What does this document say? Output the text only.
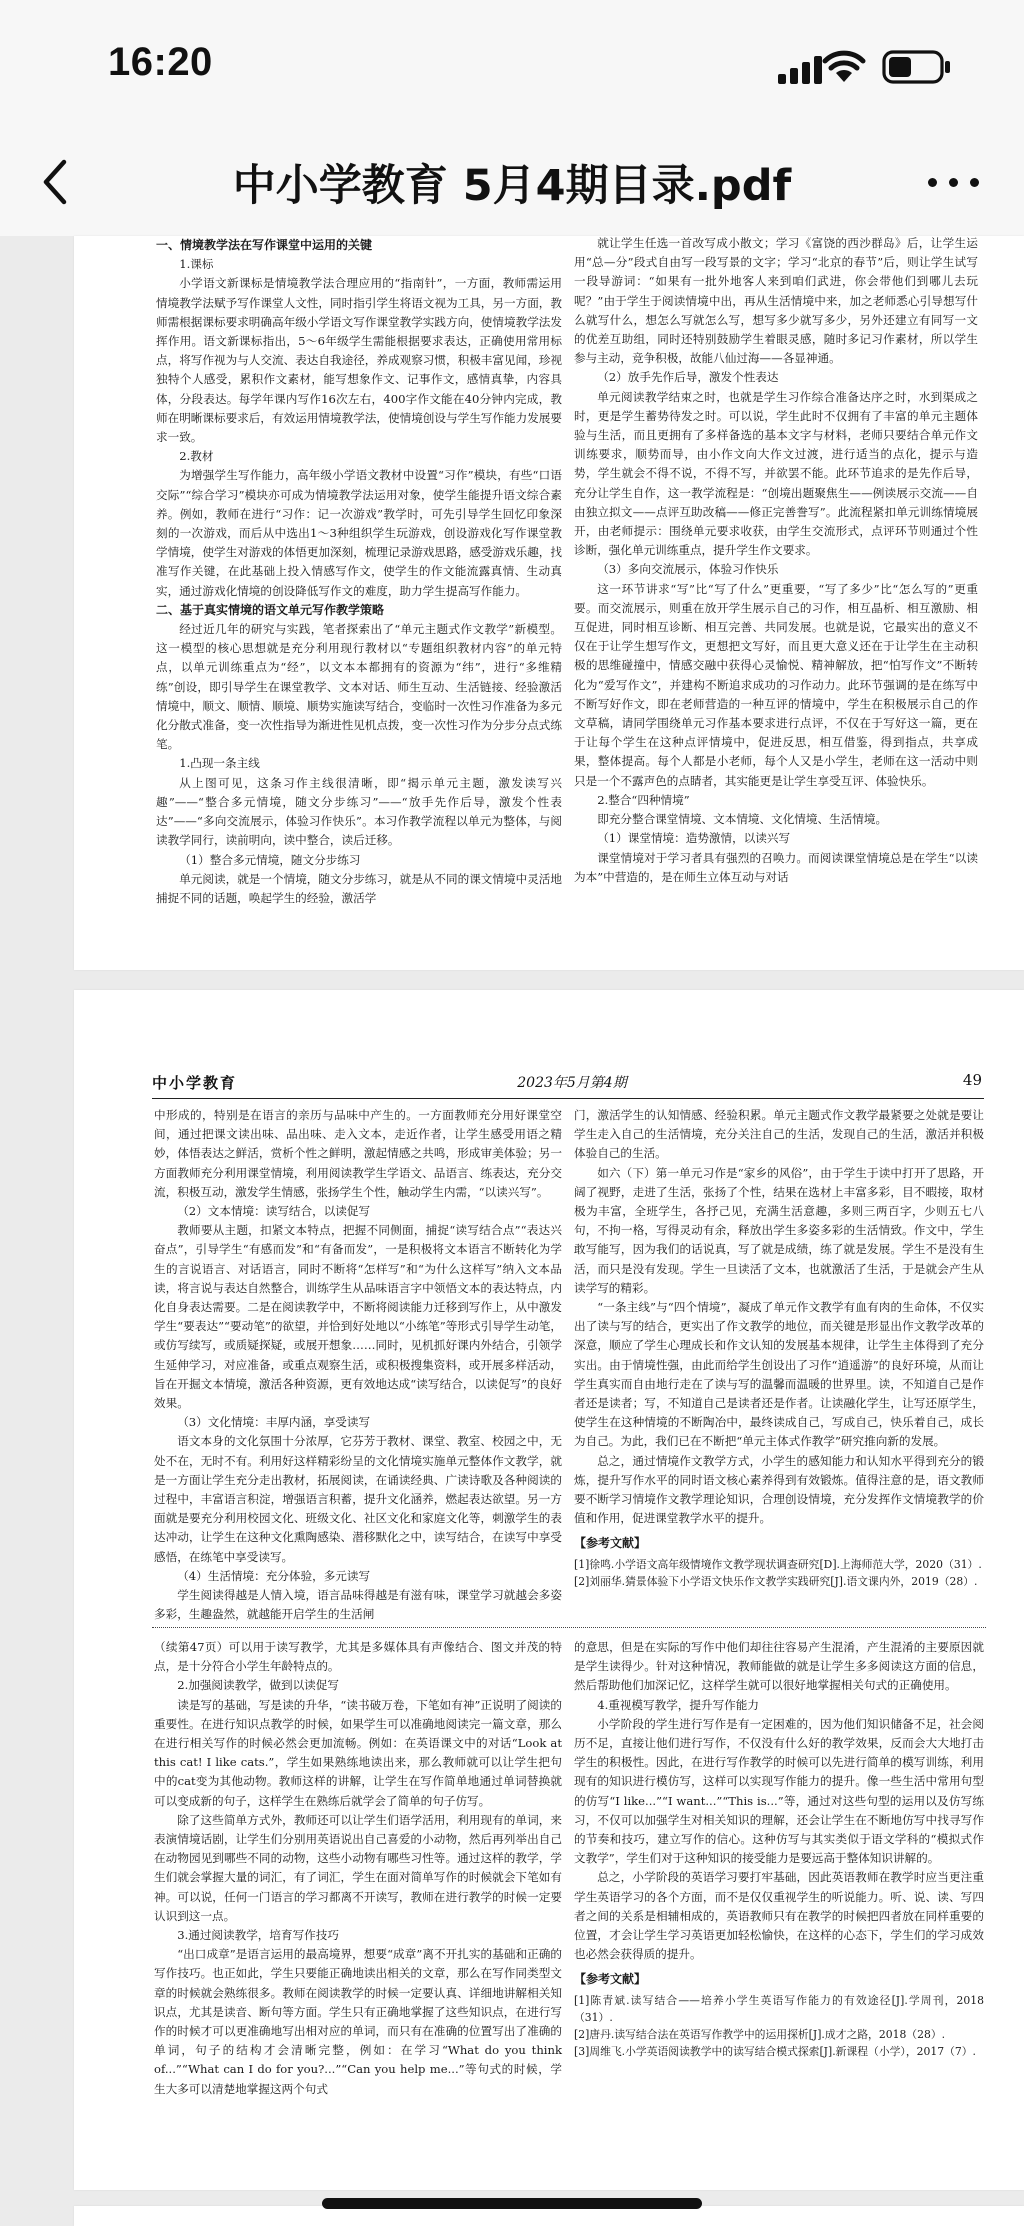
16:20
中小学教育 5月4期目录.pdf
一、情境教学法在写作课堂中运用的关键

1.课标

小学语文新课标是情境教学法合理应用的“指南针”，一方面，教师需运用情境教学法赋予写作课堂人文性，同时指引学生将语文视为工具，另一方面，教师需根据课标要求明确高年级小学语文写作课堂教学实践方向，使情境教学法发挥作用。语文新课标指出，5～6年级学生需能根据要求表达，正确使用常用标点，将写作视为与人交流、表达自我途径，养成观察习惯，积极丰富见闻，珍视独特个人感受，累积作文素材，能写想象作文、记事作文，感情真挚，内容具体，分段表达。每学年课内写作16次左右，400字作文能在40分钟内完成，教师在明晰课标要求后，有效运用情境教学法，使情境创设与学生写作能力发展要求一致。

2.教材

为增强学生写作能力，高年级小学语文教材中设置“习作”模块，有些“口语交际”“综合学习”模块亦可成为情境教学法运用对象，使学生能提升语文综合素养。例如，教师在进行“习作：记一次游戏”教学时，可先引导学生回忆印象深刻的一次游戏，而后从中选出1～3种组织学生玩游戏，创设游戏化写作课堂教学情境，使学生对游戏的体悟更加深刻，梳理记录游戏思路，感受游戏乐趣，找准写作关键，在此基础上投入情感写作文，使学生的作文能流露真情、生动真实，通过游戏化情境的创设降低写作文的难度，助力学生提高写作能力。

二、基于真实情境的语文单元写作教学策略

经过近几年的研究与实践，笔者探索出了“单元主题式作文教学”新模型。这一模型的核心思想就是充分利用现行教材以“专题组织教材内容”的单元特点，以单元训练重点为“经”，以文本本都拥有的资源为“纬”，进行“多维精练”创设，即引导学生在课堂教学、文本对话、师生互动、生活链接、经验激活情境中，顺文、顺情、顺境、顺势实施读写结合，变临时一次性习作准备为多元化分散式准备，变一次性指导为渐进性见机点拨，变一次性习作为分步分点式练笔。

1.凸现一条主线

从上图可见，这条习作主线很清晰，即“揭示单元主题，激发读写兴趣”——“整合多元情境，随文分步练习”——“放手先作后导，激发个性表达”——“多向交流展示，体验习作快乐”。本习作教学流程以单元为整体，与阅读教学同行，读前明向，读中整合，读后迁移。

（1）整合多元情境，随文分步练习

单元阅读，就是一个情境，随文分步练习，就是从不同的课文情境中灵活地捕捉不同的话题，唤起学生的经验，激活学

就让学生任选一首改写成小散文；学习《富饶的西沙群岛》后，让学生运用“总—分”段式自由写一段写景的文字；学习“北京的春节”后，则让学生试写一段导游词：“如果有一批外地客人来到咱们武进，你会带他们到哪儿去玩呢？”由于学生于阅读情境中出，再从生活情境中来，加之老师悉心引导想写什么就写什么，想怎么写就怎么写，想写多少就写多少，另外还建立有同写一文的优差互助组，同时还特别鼓励学生着眼灵感，随时多记习作素材，所以学生参与主动，竞争积极，故能八仙过海——各显神通。

（2）放手先作后导，激发个性表达

单元阅读教学结束之时，也就是学生习作综合准备达序之时，水到渠成之时，更是学生蓄势待发之时。可以说，学生此时不仅拥有了丰富的单元主题体验与生活，而且更拥有了多样备选的基本文字与材料，老师只要结合单元作文训练要求，顺势而导，由小作文向大作文过渡，进行适当的点化，提示与造势，学生就会不得不说，不得不写，并欲罢不能。此环节追求的是先作后导，充分让学生自作，这一教学流程是：“创境出题聚焦生——例读展示交流——自由独立拟文——点评互助改稿——修正完善誊写”。此流程紧扣单元训练情境展开，由老师提示：围绕单元要求收获，由学生交流形式，点评环节则通过个性诊断，强化单元训练重点，提升学生作文要求。

（3）多向交流展示，体验习作快乐

这一环节讲求“写”比“写了什么”更重要，“写了多少”比“怎么写的”更重要。而交流展示，则重在放开学生展示自己的习作，相互晶析、相互激励、相互促进，同时相互诊断、相互完善、共同发展。也就是说，它最实出的意义不仅在于让学生想写作文，更想把文写好，而且更大意义还在于让学生在主动积极的思维碰撞中，情感交融中获得心灵愉悦、精神解放，把“怕写作文”不断转化为“爱写作文”，并建构不断追求成功的习作动力。此环节强调的是在练写中不断写好作文，即在老师营造的一种互评的情境中，学生在积极展示自己的作文草稿，请同学围绕单元习作基本要求进行点评，不仅在于写好这一篇，更在于让每个学生在这种点评情境中，促进反思，相互借鉴，得到指点，共享成果，整体提高。每个人都是小老师，每个人又是小学生，老师在这一活动中则只是一个不露声色的点睛者，其实能更是让学生享受互评、体验快乐。

2.整合“四种情境”

即充分整合课堂情境、文本情境、文化情境、生活情境。

（1）课堂情境：造势激情，以读兴写

课堂情境对于学习者具有强烈的召唤力。而阅读课堂情境总是在学生“以读为本”中营造的，是在师生立体互动与对话

中小学教育	2023年5月第4期	49

中形成的，特别是在语言的亲历与品味中产生的。一方面教师充分用好课堂空间，通过把课文读出味、品出味、走入文本，走近作者，让学生感受用语之精妙，体悟表达之鲜活，赏析个性之鲜明，激起情感之共鸣，形成审美体验；另一方面教师充分利用课堂情境，利用阅读教学生学语文、品语言、练表达，充分交流，积极互动，激发学生情感，张扬学生个性，触动学生内需，“以读兴写”。

（2）文本情境：读写结合，以读促写

教师要从主题，扣紧文本特点，把握不同侧面，捕捉“读写结合点”“表达兴奋点”，引导学生“有感而发”和“有备而发”，一是积极将文本语言不断转化为学生的言说语言、对话语言，同时不断将“怎样写”和“为什么这样写”纳入文本品读，将言说与表达自然整合，训练学生从品味语言字中领悟文本的表达特点，内化自身表达需要。二是在阅读教学中，不断将阅读能力迁移到写作上，从中激发学生“要表达”“要动笔”的欲望，并恰到好处地以“小练笔”等形式引导学生动笔，或仿写续写，或质疑探疑，或展开想象……同时，见机抓好课内外结合，引领学生延伸学习，对应准备，或重点观察生活，或积极搜集资料，或开展多样活动，旨在开掘文本情境，激活各种资源，更有效地达成“读写结合，以读促写”的良好效果。

（3）文化情境：丰厚内涵，享受读写

语文本身的文化氛围十分浓厚，它芬芳于教材、课堂、教室、校园之中，无处不在，无时不有。利用好这样精彩纷呈的文化情境实施单元整体作文教学，就是一方面让学生充分走出教材，拓展阅读，在诵读经典、广读诗歌及各种阅读的过程中，丰富语言积淀，增强语言积蓄，提升文化涵养，燃起表达欲望。另一方面就是要充分利用校园文化、班级文化、社区文化和家庭文化等，刺激学生的表达冲动，让学生在这种文化熏陶感染、潜移默化之中，读写结合，在读写中享受感悟，在练笔中享受读写。

（4）生活情境：充分体验，多元读写

学生阅读得越是人情入境，语言品味得越是有滋有味，课堂学习就越会多姿多彩，生趣盎然，就越能开启学生的生活闸

门，激活学生的认知情感、经验积累。单元主题式作文教学最紧要之处就是要让学生走入自己的生活情境，充分关注自己的生活，发现自己的生活，激活并积极体验自己的生活。

如六（下）第一单元习作是“家乡的风俗”，由于学生于读中打开了思路，开阔了视野，走进了生活，张扬了个性，结果在选材上丰富多彩，目不暇接，取材极为丰富，全班学生，各抒己见，充满生活意趣，多则三两百字，少则五七八句，不拘一格，写得灵动有余，释放出学生多姿多彩的生活情致。作文中，学生敢写能写，因为我们的话说真，写了就是成绩，练了就是发展。学生不是没有生活，而只是没有发现。学生一旦读活了文本，也就激活了生活，于是就会产生从读学写的精彩。

“一条主线”与“四个情境”，凝成了单元作文教学有血有肉的生命体，不仅实出了读与写的结合，更实出了作文教学的地位，而关键是形显出作文教学改革的深意，顺应了学生心理成长和作文认知的发展基本规律，让学生主体得到了充分实出。由于情境性强，由此而给学生创设出了习作“逍遥游”的良好环境，从而让学生真实而自由地行走在了读与写的温馨而温暖的世界里。读，不知道自己是作者还是读者；写，不知道自己是读者还是作者。让读融化学生，让写还原学生，使学生在这种情境的不断陶冶中，最终读成自己，写成自己，快乐着自己，成长为自己。为此，我们已在不断把“单元主体式作教学”研究推向新的发展。

总之，通过情境作文教学方式，小学生的感知能力和认知水平得到充分的锻炼，提升写作水平的同时语文核心素养得到有效锻炼。值得注意的是，语文教师要不断学习情境作文教学理论知识，合理创设情境，充分发挥作文情境教学的价值和作用，促进课堂教学水平的提升。

【参考文献】

[1]徐鸣.小学语文高年级情境作文教学现状调查研究[D].上海师范大学，2020（31）.

[2]刘丽华.猜景体验下小学语文快乐作文教学实践研究[J].语文课内外，2019（28）.

（续第47页）可以用于读写教学，尤其是多媒体具有声像结合、图文并茂的特点，是十分符合小学生年龄特点的。

2.加强阅读教学，做到以读促写

读是写的基础，写是读的升华，“读书破万卷，下笔如有神”正说明了阅读的重要性。在进行知识点教学的时候，如果学生可以准确地阅读完一篇文章，那么在进行相关写作的时候必然会更加流畅。例如：在英语课文中的对话“Look at this cat! I like cats.”，学生如果熟练地读出来，那么教师就可以让学生把句中的cat变为其他动物。教师这样的讲解，让学生在写作简单地通过单词替换就可以变成新的句子，这样学生在熟练后就学会了简单的句子仿写。

除了这些简单方式外，教师还可以让学生们语学活用，利用现有的单词，来表演情境话剧，让学生们分别用英语说出自己喜爱的小动物，然后再列举出自己在动物园见到哪些不同的动物，这些小动物有哪些习性等。通过这样的教学，学生们就会掌握大量的词汇，有了词汇，学生在面对简单写作的时候就会下笔如有神。可以说，任何一门语言的学习都离不开读写，教师在进行教学的时候一定要认识到这一点。

3.通过阅读教学，培育写作技巧

“出口成章”是语言运用的最高境界，想要“成章”离不开扎实的基础和正确的写作技巧。也正如此，学生只要能正确地读出相关的文章，那么在写作同类型文章的时候就会熟练很多。教师在阅读教学的时候一定要认真、详细地讲解相关知识点，尤其是读音、断句等方面。学生只有正确地掌握了这些知识点，在进行写作的时候才可以更准确地写出相对应的单词，而只有在准确的位置写出了准确的单词，句子的结构才会清晰完整，例如：在学习“What do you think of...”“What can I do for you?...”“Can you help me...”等句式的时候，学生大多可以清楚地掌握这两个句式

的意思，但是在实际的写作中他们却往往容易产生混淆，产生混淆的主要原因就是学生读得少。针对这种情况，教师能做的就是让学生多多阅读这方面的信息，然后帮助他们加深记忆，这样学生就可以很好地掌握相关句式的正确使用。

4.重视模写教学，提升写作能力

小学阶段的学生进行写作是有一定困难的，因为他们知识储备不足，社会阅历不足，直接让他们进行写作，不仅没有什么好的教学效果，反而会大大地打击学生的积极性。因此，在进行写作教学的时候可以先进行简单的模写训练，利用现有的知识进行模仿写，这样可以实现写作能力的提升。像一些生活中常用句型的仿写“I like...”“I want...”“This is...”等，通过对这些句型的运用以及仿写练习，不仅可以加强学生对相关知识的理解，还会让学生在不断地仿写中找寻写作的节奏和技巧，建立写作的信心。这种仿写与其实类似于语文学科的“模拟式作文教学”，学生们对于这种知识的接受能力是要远高于整体知识讲解的。

总之，小学阶段的英语学习要打牢基础，因此英语教师在教学时应当更注重学生英语学习的各个方面，而不是仅仅重视学生的听说能力。听、说、读、写四者之间的关系是相辅相成的，英语教师只有在教学的时候把四者放在同样重要的位置，才会让学生学习英语更加轻松愉快，在这样的心态下，学生们的学习成效也必然会获得质的提升。

【参考文献】

[1]陈青斌.读写结合——培养小学生英语写作能力的有效途径[J].学周刊，2018（31）.

[2]唐丹.读写结合法在英语写作教学中的运用探析[J].成才之路，2018（28）.

[3]周维飞.小学英语阅读教学中的读写结合模式探索[J].新课程（小学），2017（7）.
